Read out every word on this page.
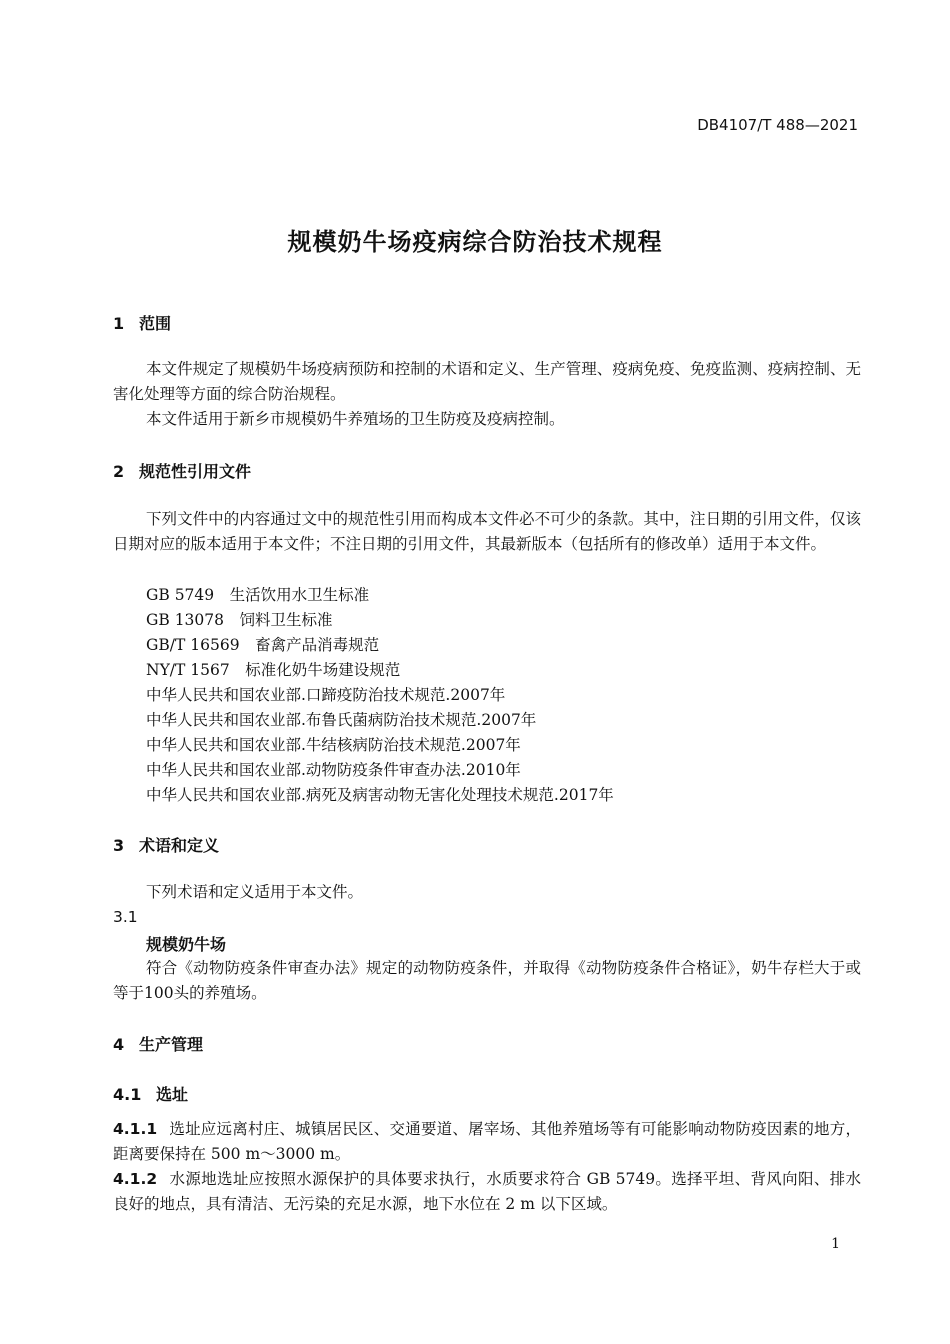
DB4107/T 488—2021
规模奶牛场疫病综合防治技术规程
1 范围
本文件规定了规模奶牛场疫病预防和控制的术语和定义、生产管理、疫病免疫、免疫监测、疫病控制、无害化处理等方面的综合防治规程。
本文件适用于新乡市规模奶牛养殖场的卫生防疫及疫病控制。
2 规范性引用文件
下列文件中的内容通过文中的规范性引用而构成本文件必不可少的条款。其中，注日期的引用文件，仅该日期对应的版本适用于本文件；不注日期的引用文件，其最新版本（包括所有的修改单）适用于本文件。
GB 5749　生活饮用水卫生标准
GB 13078　饲料卫生标准
GB/T 16569　畜禽产品消毒规范
NY/T 1567　标准化奶牛场建设规范
中华人民共和国农业部.口蹄疫防治技术规范.2007年
中华人民共和国农业部.布鲁氏菌病防治技术规范.2007年
中华人民共和国农业部.牛结核病防治技术规范.2007年
中华人民共和国农业部.动物防疫条件审查办法.2010年
中华人民共和国农业部.病死及病害动物无害化处理技术规范.2017年
3 术语和定义
下列术语和定义适用于本文件。
3.1
规模奶牛场
符合《动物防疫条件审查办法》规定的动物防疫条件，并取得《动物防疫条件合格证》，奶牛存栏大于或等于100头的养殖场。
4 生产管理
4.1 选址
4.1.1 选址应远离村庄、城镇居民区、交通要道、屠宰场、其他养殖场等有可能影响动物防疫因素的地方，距离要保持在 500 m～3000 m。
4.1.2 水源地选址应按照水源保护的具体要求执行，水质要求符合 GB 5749。选择平坦、背风向阳、排水良好的地点，具有清洁、无污染的充足水源，地下水位在 2 m 以下区域。
1
